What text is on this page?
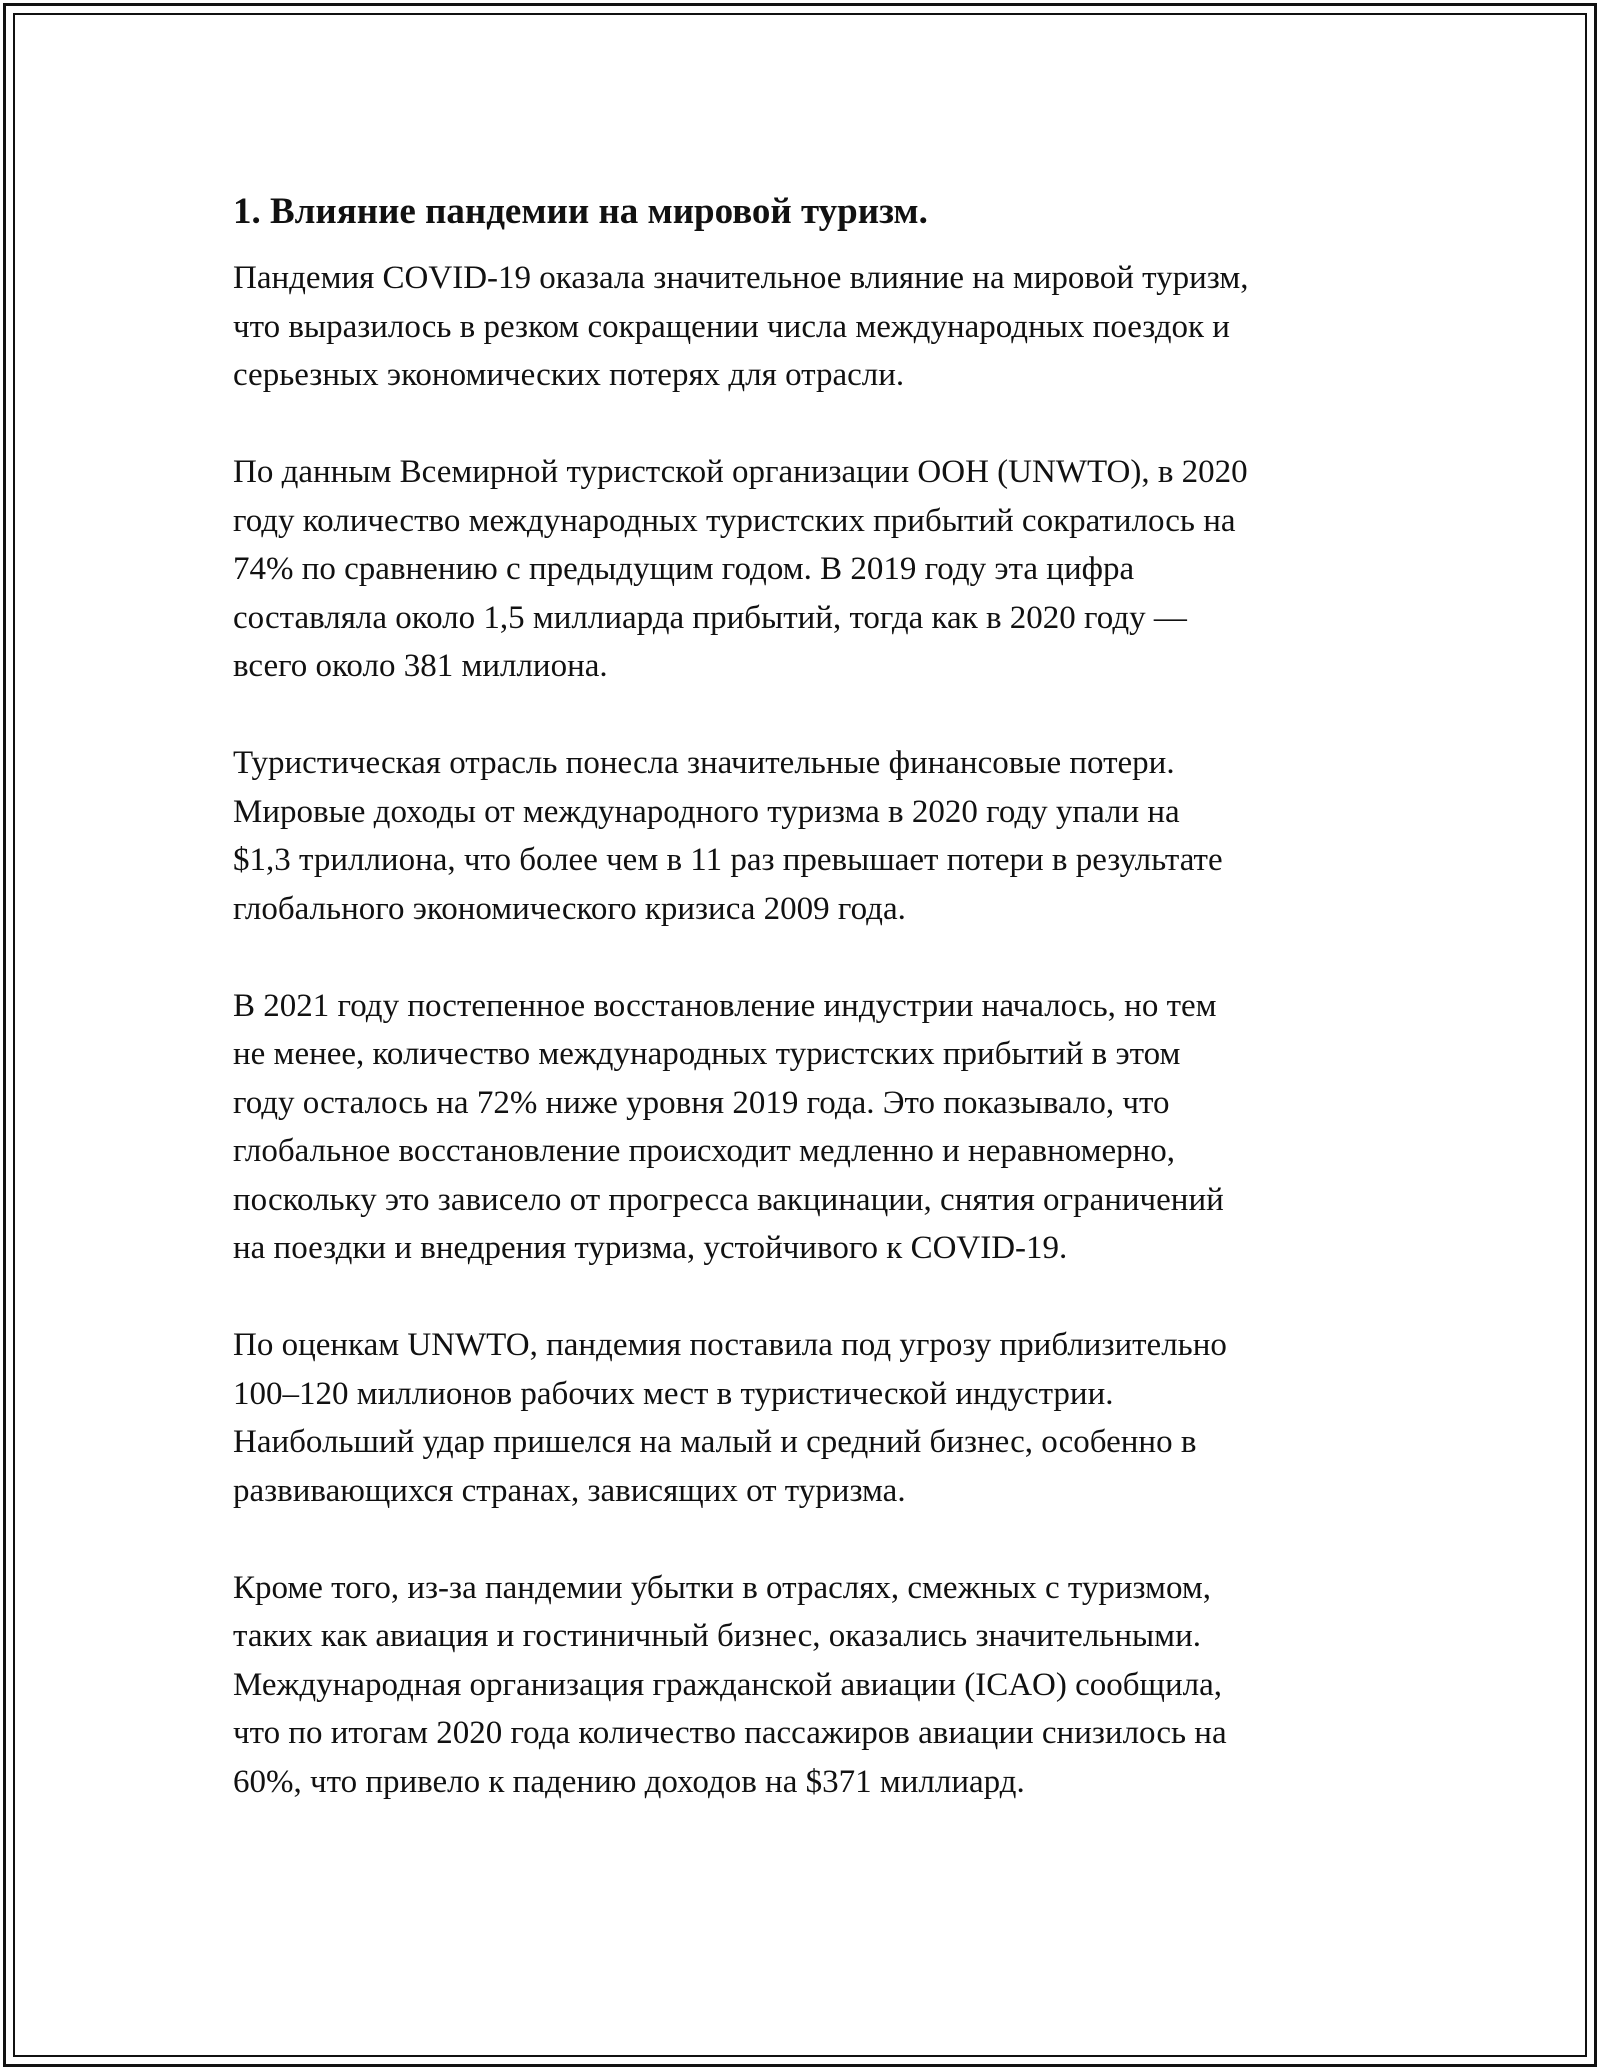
1. Влияние пандемии на мировой туризм.

Пандемия COVID-19 оказала значительное влияние на мировой туризм,
что выразилось в резком сокращении числа международных поездок и
серьезных экономических потерях для отрасли.

По данным Всемирной туристской организации ООН (UNWTO), в 2020
году количество международных туристских прибытий сократилось на
74% по сравнению с предыдущим годом. В 2019 году эта цифра
составляла около 1,5 миллиарда прибытий, тогда как в 2020 году —
всего около 381 миллиона.

Туристическая отрасль понесла значительные финансовые потери.
Мировые доходы от международного туризма в 2020 году упали на
$1,3 триллиона, что более чем в 11 раз превышает потери в результате
глобального экономического кризиса 2009 года.

В 2021 году постепенное восстановление индустрии началось, но тем
не менее, количество международных туристских прибытий в этом
году осталось на 72% ниже уровня 2019 года. Это показывало, что
глобальное восстановление происходит медленно и неравномерно,
поскольку это зависело от прогресса вакцинации, снятия ограничений
на поездки и внедрения туризма, устойчивого к COVID-19.

По оценкам UNWTO, пандемия поставила под угрозу приблизительно
100–120 миллионов рабочих мест в туристической индустрии.
Наибольший удар пришелся на малый и средний бизнес, особенно в
развивающихся странах, зависящих от туризма.

Кроме того, из-за пандемии убытки в отраслях, смежных с туризмом,
таких как авиация и гостиничный бизнес, оказались значительными.
Международная организация гражданской авиации (ICAO) сообщила,
что по итогам 2020 года количество пассажиров авиации снизилось на
60%, что привело к падению доходов на $371 миллиард.
